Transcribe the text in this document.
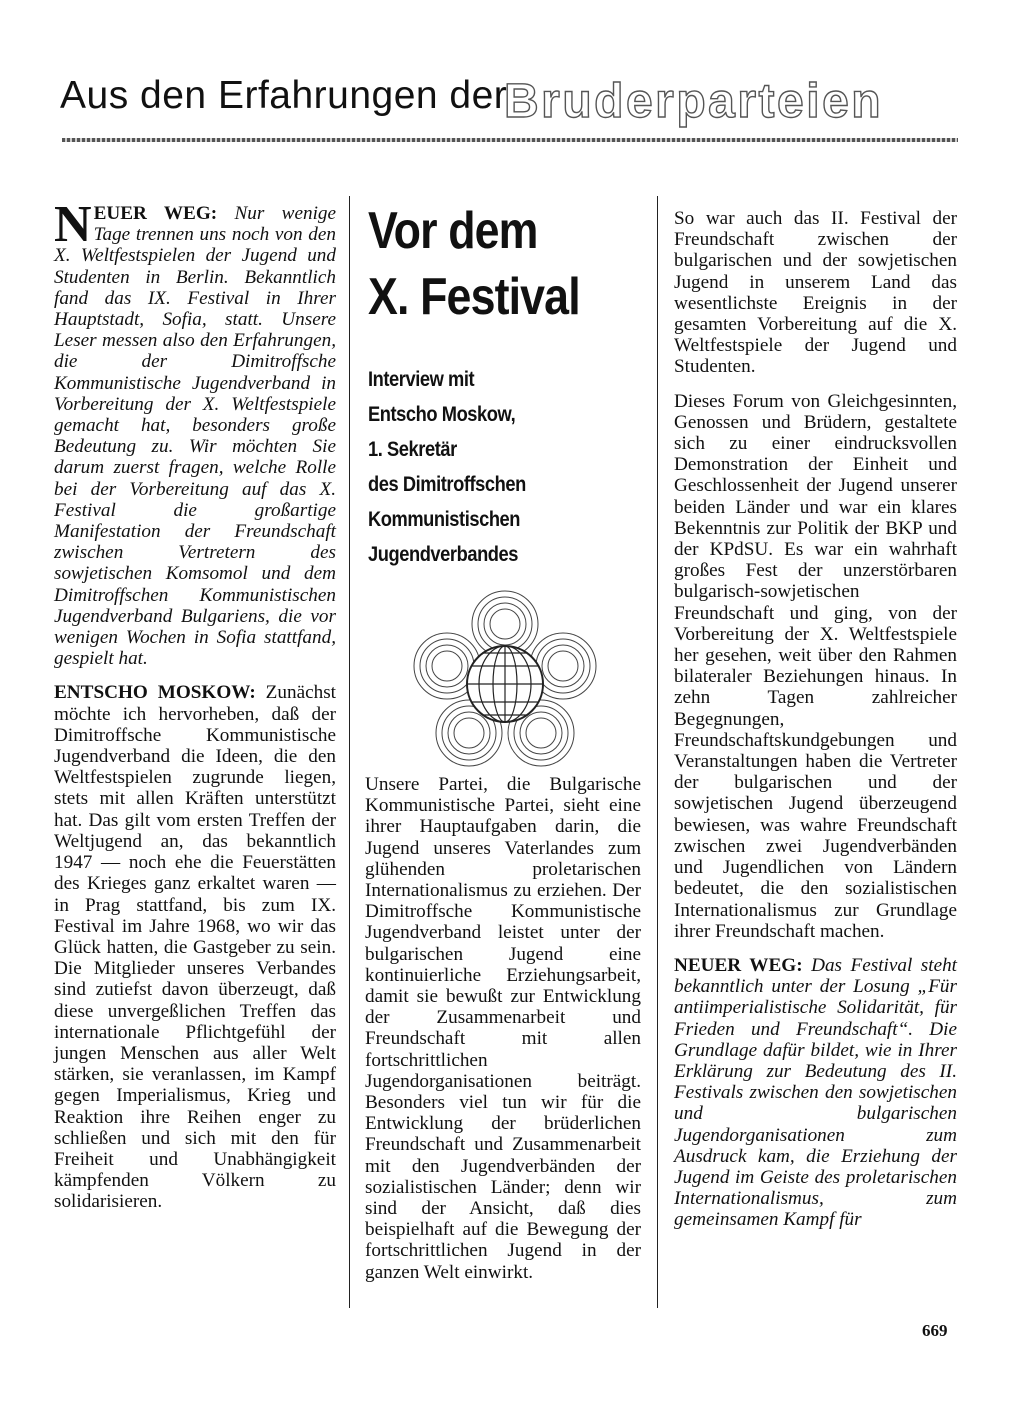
Aus den Erfahrungen der
Bruderparteien

NEUER WEG: Nur wenige Tage trennen uns noch von den X. Weltfestspielen der Jugend und Studenten in Berlin. Bekanntlich fand das IX. Festival in Ihrer Hauptstadt, Sofia, statt. Unsere Leser messen also den Erfahrungen, die der Dimitroffsche Kommunistische Jugendverband in Vorbereitung der X. Weltfestspiele gemacht hat, besonders große Bedeutung zu. Wir möchten Sie darum zuerst fragen, welche Rolle bei der Vorbereitung auf das X. Festival die großartige Manifestation der Freundschaft zwischen Vertretern des sowjetischen Komsomol und dem Dimitroffschen Kommunistischen Jugendverband Bulgariens, die vor wenigen Wochen in Sofia stattfand, gespielt hat.

ENTSCHO MOSKOW: Zunächst möchte ich hervorheben, daß der Dimitroffsche Kommunistische Jugendverband die Ideen, die den Weltfestspielen zugrunde liegen, stets mit allen Kräften unterstützt hat. Das gilt vom ersten Treffen der Weltjugend an, das bekanntlich 1947 — noch ehe die Feuerstätten des Krieges ganz erkaltet waren — in Prag stattfand, bis zum IX. Festival im Jahre 1968, wo wir das Glück hatten, die Gastgeber zu sein. Die Mitglieder unseres Verbandes sind zutiefst davon überzeugt, daß diese unvergeßlichen Treffen das internationale Pflichtgefühl der jungen Menschen aus aller Welt stärken, sie veranlassen, im Kampf gegen Imperialismus, Krieg und Reaktion ihre Reihen enger zu schließen und sich mit den für Freiheit und Unabhängigkeit kämpfenden Völkern zu solidarisieren.

Vor dem
X. Festival
Interview mit
Entscho Moskow,
1. Sekretär
des Dimitroffschen
Kommunistischen
Jugendverbandes

Unsere Partei, die Bulgarische Kommunistische Partei, sieht eine ihrer Hauptaufgaben darin, die Jugend unseres Vaterlandes zum glühenden proletarischen Internationalismus zu erziehen. Der Dimitroffsche Kommunistische Jugendverband leistet unter der bulgarischen Jugend eine kontinuierliche Erziehungsarbeit, damit sie bewußt zur Entwicklung der Zusammenarbeit und Freundschaft mit allen fortschrittlichen Jugendorganisationen beiträgt. Besonders viel tun wir für die Entwicklung der brüderlichen Freundschaft und Zusammenarbeit mit den Jugendverbänden der sozialistischen Länder; denn wir sind der Ansicht, daß dies beispielhaft auf die Bewegung der fortschrittlichen Jugend in der ganzen Welt einwirkt.

So war auch das II. Festival der Freundschaft zwischen der bulgarischen und der sowjetischen Jugend in unserem Land das wesentlichste Ereignis in der gesamten Vorbereitung auf die X. Weltfestspiele der Jugend und Studenten.

Dieses Forum von Gleichgesinnten, Genossen und Brüdern, gestaltete sich zu einer eindrucksvollen Demonstration der Einheit und Geschlossenheit der Jugend unserer beiden Länder und war ein klares Bekenntnis zur Politik der BKP und der KPdSU. Es war ein wahrhaft großes Fest der unzerstörbaren bulgarisch-sowjetischen Freundschaft und ging, von der Vorbereitung der X. Weltfestspiele her gesehen, weit über den Rahmen bilateraler Beziehungen hinaus. In zehn Tagen zahlreicher Begegnungen, Freundschaftskundgebungen und Veranstaltungen haben die Vertreter der bulgarischen und der sowjetischen Jugend überzeugend bewiesen, was wahre Freundschaft zwischen zwei Jugendverbänden und Jugendlichen von Ländern bedeutet, die den sozialistischen Internationalismus zur Grundlage ihrer Freundschaft machen.

NEUER WEG: Das Festival steht bekanntlich unter der Losung „Für antiimperialistische Solidarität, für Frieden und Freundschaft“. Die Grundlage dafür bildet, wie in Ihrer Erklärung zur Bedeutung des II. Festivals zwischen den sowjetischen und bulgarischen Jugendorganisationen zum Ausdruck kam, die Erziehung der Jugend im Geiste des proletarischen Internationalismus, zum gemeinsamen Kampf für

669
